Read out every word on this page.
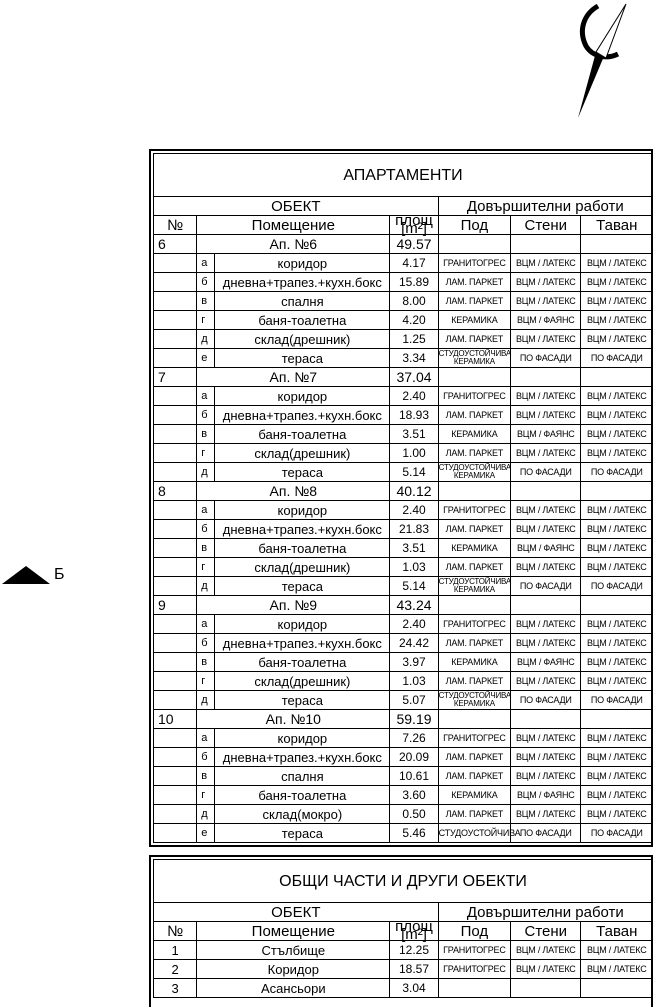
Б
АПАРТАМЕНТИ						
ОБЕКТ				Довършителни работи		
№	Помещение		площ [m²]	Под	Стени	Таван
6	Ап. №6		49.57			
	а	коридор	4.17	ГРАНИТОГРЕС	ВЦМ / ЛАТЕКС	ВЦМ / ЛАТЕКС
	б	дневна+трапез.+кухн.бокс	15.89	ЛАМ. ПАРКЕТ	ВЦМ / ЛАТЕКС	ВЦМ / ЛАТЕКС
	в	спалня	8.00	ЛАМ. ПАРКЕТ	ВЦМ / ЛАТЕКС	ВЦМ / ЛАТЕКС
	г	баня-тоалетна	4.20	КЕРАМИКА	ВЦМ / ФАЯНС	ВЦМ / ЛАТЕКС
	д	склад(дрешник)	1.25	ЛАМ. ПАРКЕТ	ВЦМ / ЛАТЕКС	ВЦМ / ЛАТЕКС
	е	тераса	3.34	СТУДОУСТОЙЧИВА КЕРАМИКА	ПО ФАСАДИ	ПО ФАСАДИ
7	Ап. №7		37.04			
	а	коридор	2.40	ГРАНИТОГРЕС	ВЦМ / ЛАТЕКС	ВЦМ / ЛАТЕКС
	б	дневна+трапез.+кухн.бокс	18.93	ЛАМ. ПАРКЕТ	ВЦМ / ЛАТЕКС	ВЦМ / ЛАТЕКС
	в	баня-тоалетна	3.51	КЕРАМИКА	ВЦМ / ФАЯНС	ВЦМ / ЛАТЕКС
	г	склад(дрешник)	1.00	ЛАМ. ПАРКЕТ	ВЦМ / ЛАТЕКС	ВЦМ / ЛАТЕКС
	д	тераса	5.14	СТУДОУСТОЙЧИВА КЕРАМИКА	ПО ФАСАДИ	ПО ФАСАДИ
8	Ап. №8		40.12			
	а	коридор	2.40	ГРАНИТОГРЕС	ВЦМ / ЛАТЕКС	ВЦМ / ЛАТЕКС
	б	дневна+трапез.+кухн.бокс	21.83	ЛАМ. ПАРКЕТ	ВЦМ / ЛАТЕКС	ВЦМ / ЛАТЕКС
	в	баня-тоалетна	3.51	КЕРАМИКА	ВЦМ / ФАЯНС	ВЦМ / ЛАТЕКС
	г	склад(дрешник)	1.03	ЛАМ. ПАРКЕТ	ВЦМ / ЛАТЕКС	ВЦМ / ЛАТЕКС
	д	тераса	5.14	СТУДОУСТОЙЧИВА КЕРАМИКА	ПО ФАСАДИ	ПО ФАСАДИ
9	Ап. №9		43.24			
	а	коридор	2.40	ГРАНИТОГРЕС	ВЦМ / ЛАТЕКС	ВЦМ / ЛАТЕКС
	б	дневна+трапез.+кухн.бокс	24.42	ЛАМ. ПАРКЕТ	ВЦМ / ЛАТЕКС	ВЦМ / ЛАТЕКС
	в	баня-тоалетна	3.97	КЕРАМИКА	ВЦМ / ФАЯНС	ВЦМ / ЛАТЕКС
	г	склад(дрешник)	1.03	ЛАМ. ПАРКЕТ	ВЦМ / ЛАТЕКС	ВЦМ / ЛАТЕКС
	д	тераса	5.07	СТУДОУСТОЙЧИВА КЕРАМИКА	ПО ФАСАДИ	ПО ФАСАДИ
10	Ап. №10		59.19			
	а	коридор	7.26	ГРАНИТОГРЕС	ВЦМ / ЛАТЕКС	ВЦМ / ЛАТЕКС
	б	дневна+трапез.+кухн.бокс	20.09	ЛАМ. ПАРКЕТ	ВЦМ / ЛАТЕКС	ВЦМ / ЛАТЕКС
	в	спалня	10.61	ЛАМ. ПАРКЕТ	ВЦМ / ЛАТЕКС	ВЦМ / ЛАТЕКС
	г	баня-тоалетна	3.60	КЕРАМИКА	ВЦМ / ФАЯНС	ВЦМ / ЛАТЕКС
	д	склад(мокро)	0.50	ЛАМ. ПАРКЕТ	ВЦМ / ЛАТЕКС	ВЦМ / ЛАТЕКС
	е	тераса	5.46	СТУДОУСТОЙЧИВА	ПО ФАСАДИ	ПО ФАСАДИ
ОБЩИ ЧАСТИ И ДРУГИ ОБЕКТИ					
ОБЕКТ			Довършителни работи		
№	Помещение	площ [m²]	Под	Стени	Таван
1	Стълбище	12.25	ГРАНИТОГРЕС	ВЦМ / ЛАТЕКС	ВЦМ / ЛАТЕКС
2	Коридор	18.57	ГРАНИТОГРЕС	ВЦМ / ЛАТЕКС	ВЦМ / ЛАТЕКС
3	Асансьори	3.04			
